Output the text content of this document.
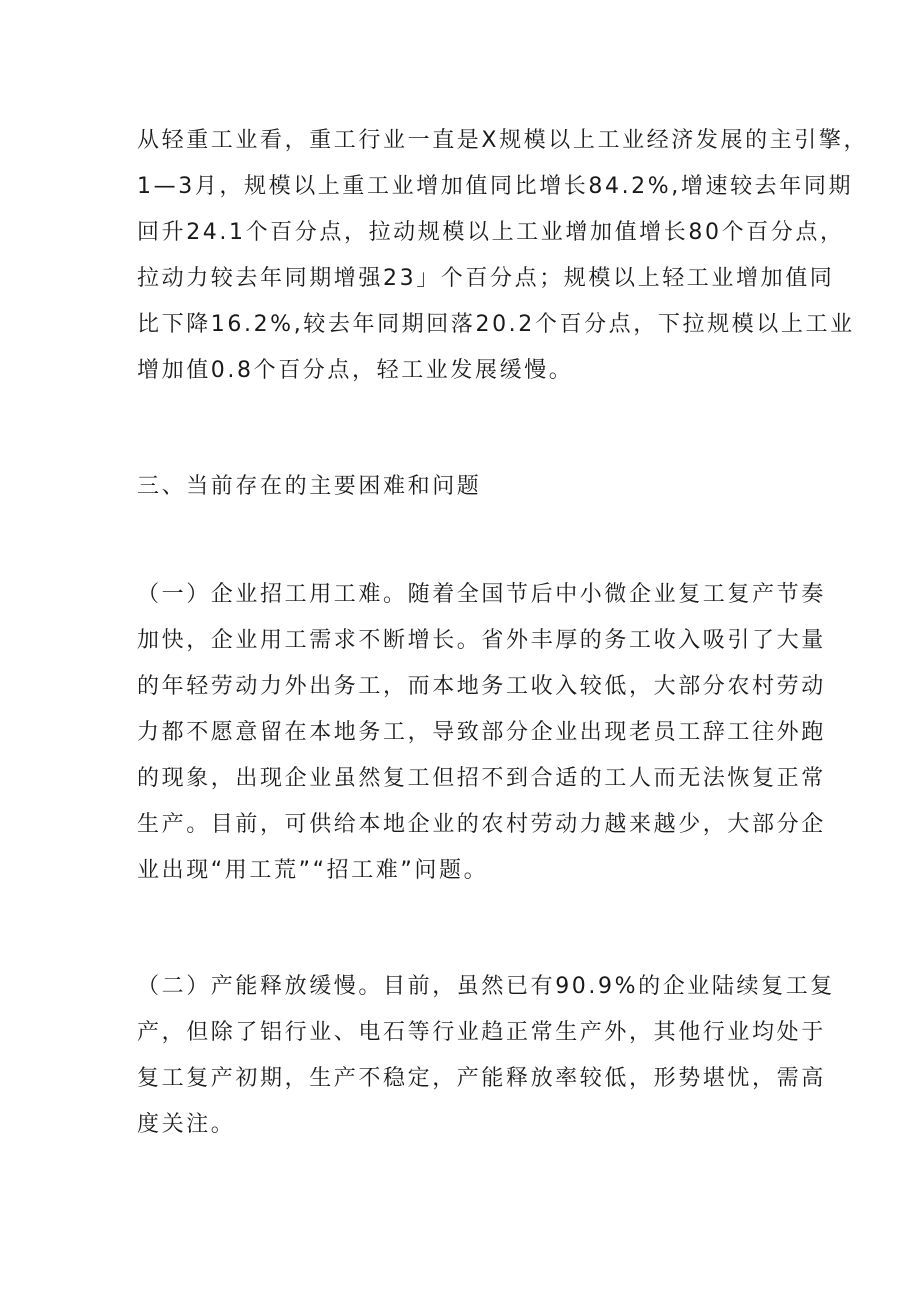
从轻重工业看，重工行业一直是X规模以上工业经济发展的主引擎，
1—3月，规模以上重工业增加值同比增长84.2%,增速较去年同期
回升24.1个百分点，拉动规模以上工业增加值增长80个百分点，
拉动力较去年同期增强23」个百分点；规模以上轻工业增加值同
比下降16.2%,较去年同期回落20.2个百分点，下拉规模以上工业
增加值0.8个百分点，轻工业发展缓慢。
三、当前存在的主要困难和问题
（一）企业招工用工难。随着全国节后中小微企业复工复产节奏
加快，企业用工需求不断增长。省外丰厚的务工收入吸引了大量
的年轻劳动力外出务工，而本地务工收入较低，大部分农村劳动
力都不愿意留在本地务工，导致部分企业出现老员工辞工往外跑
的现象，出现企业虽然复工但招不到合适的工人而无法恢复正常
生产。目前，可供给本地企业的农村劳动力越来越少，大部分企
业出现“用工荒”“招工难”问题。
（二）产能释放缓慢。目前，虽然已有90.9%的企业陆续复工复
产，但除了铝行业、电石等行业趋正常生产外，其他行业均处于
复工复产初期，生产不稳定，产能释放率较低，形势堪忧，需高
度关注。
